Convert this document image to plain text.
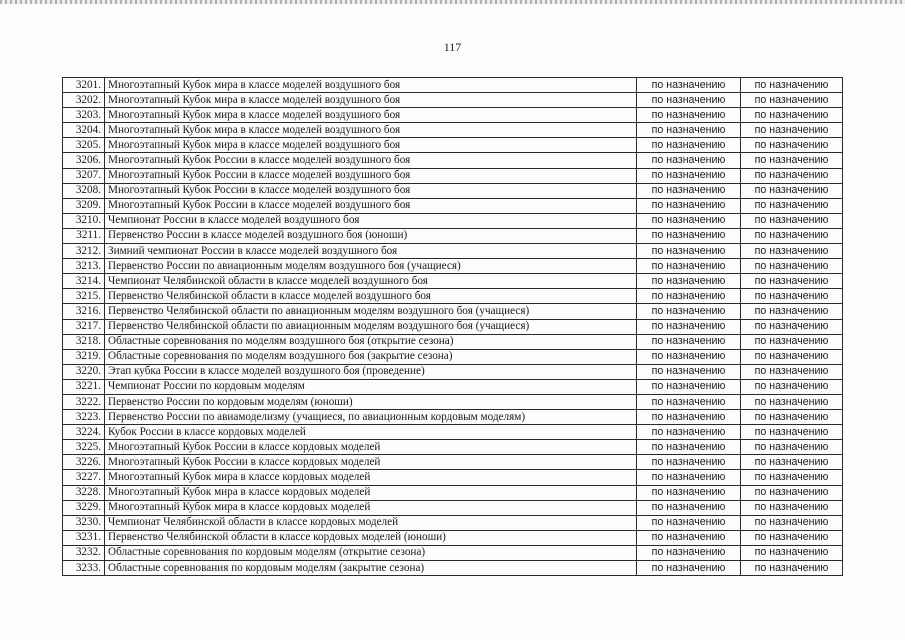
117
3201.	Многоэтапный Кубок мира в классе моделей воздушного боя	по назначению	по назначению
3202.	Многоэтапный Кубок мира в классе моделей воздушного боя	по назначению	по назначению
3203.	Многоэтапный Кубок мира в классе моделей воздушного боя	по назначению	по назначению
3204.	Многоэтапный Кубок мира в классе моделей воздушного боя	по назначению	по назначению
3205.	Многоэтапный Кубок мира в классе моделей воздушного боя	по назначению	по назначению
3206.	Многоэтапный Кубок России в классе моделей воздушного боя	по назначению	по назначению
3207.	Многоэтапный Кубок России в классе моделей воздушного боя	по назначению	по назначению
3208.	Многоэтапный Кубок России в классе моделей воздушного боя	по назначению	по назначению
3209.	Многоэтапный Кубок России в классе моделей воздушного боя	по назначению	по назначению
3210.	Чемпионат России в классе моделей воздушного боя	по назначению	по назначению
3211.	Первенство России в классе моделей воздушного боя (юноши)	по назначению	по назначению
3212.	Зимний чемпионат России в классе моделей воздушного боя	по назначению	по назначению
3213.	Первенство России по авиационным моделям воздушного боя (учащиеся)	по назначению	по назначению
3214.	Чемпионат Челябинской области в классе моделей воздушного боя	по назначению	по назначению
3215.	Первенство Челябинской области в классе моделей воздушного боя	по назначению	по назначению
3216.	Первенство Челябинской области по авиационным моделям воздушного боя (учащиеся)	по назначению	по назначению
3217.	Первенство Челябинской области по авиационным моделям воздушного боя (учащиеся)	по назначению	по назначению
3218.	Областные соревнования по моделям воздушного боя (открытие сезона)	по назначению	по назначению
3219.	Областные соревнования по моделям воздушного боя (закрытие сезона)	по назначению	по назначению
3220.	Этап кубка России в классе моделей воздушного боя (проведение)	по назначению	по назначению
3221.	Чемпионат России по кордовым моделям	по назначению	по назначению
3222.	Первенство России по кордовым моделям (юноши)	по назначению	по назначению
3223.	Первенство России по авиамоделизму (учащиеся, по авиационным кордовым моделям)	по назначению	по назначению
3224.	Кубок России в классе кордовых моделей	по назначению	по назначению
3225.	Многоэтапный Кубок России в классе кордовых моделей	по назначению	по назначению
3226.	Многоэтапный Кубок России в классе кордовых моделей	по назначению	по назначению
3227.	Многоэтапный Кубок мира в классе кордовых моделей	по назначению	по назначению
3228.	Многоэтапный Кубок мира в классе кордовых моделей	по назначению	по назначению
3229.	Многоэтапный Кубок мира в классе кордовых моделей	по назначению	по назначению
3230.	Чемпионат Челябинской области в классе кордовых моделей	по назначению	по назначению
3231.	Первенство Челябинской области в классе кордовых моделей (юноши)	по назначению	по назначению
3232.	Областные соревнования по кордовым моделям (открытие сезона)	по назначению	по назначению
3233.	Областные соревнования по кордовым моделям (закрытие сезона)	по назначению	по назначению
